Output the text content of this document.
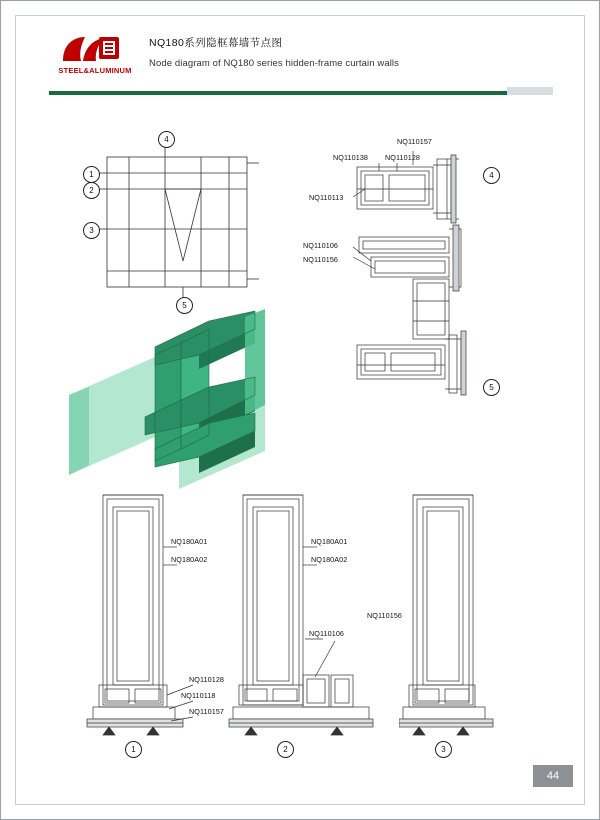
STEEL&ALUMINUM
NQ180系列隐框幕墙节点图
Node diagram of NQ180 series hidden-frame curtain walls
1
2
3
4
5
NQ110157
NQ110138 NQ110128
NQ110113
NQ110106
NQ110156
4
5
NQ180A01
NQ180A02
NQ110128
NQ110118
NQ110157
1
NQ180A01
NQ180A02
NQ110106
NQ110156
2	3
44
